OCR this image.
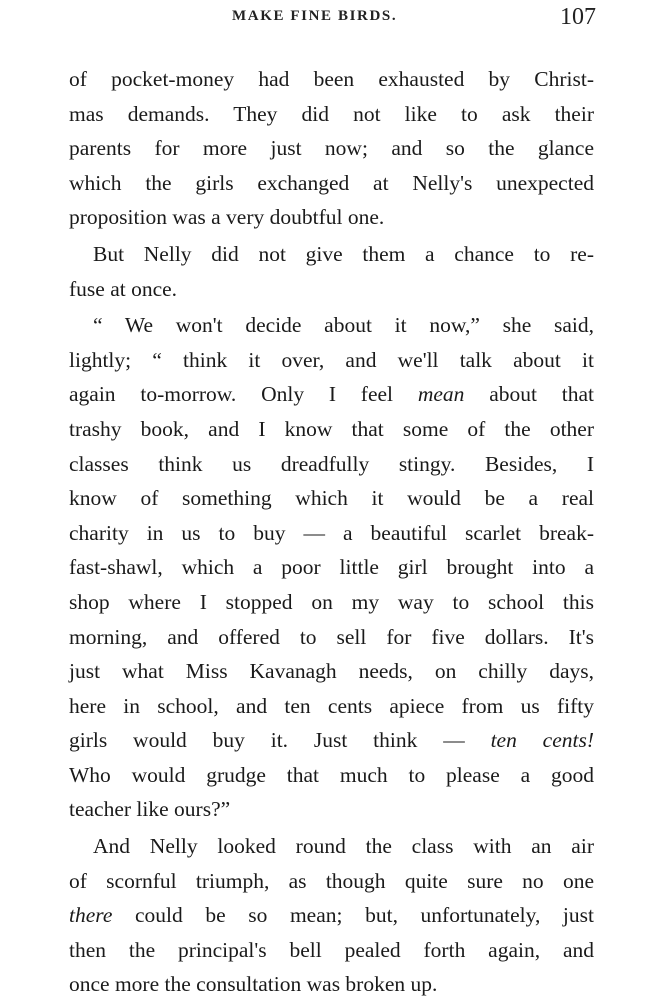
MAKE FINE BIRDS.	107
of pocket-money had been exhausted by Christ-
mas demands. They did not like to ask their
parents for more just now; and so the glance
which the girls exchanged at Nelly's unexpected
proposition was a very doubtful one.
But Nelly did not give them a chance to re-
fuse at once.
“ We won't decide about it now,” she said,
lightly; “ think it over, and we'll talk about it
again to-morrow. Only I feel mean about that
trashy book, and I know that some of the other
classes think us dreadfully stingy. Besides, I
know of something which it would be a real
charity in us to buy — a beautiful scarlet break-
fast-shawl, which a poor little girl brought into a
shop where I stopped on my way to school this
morning, and offered to sell for five dollars. It's
just what Miss Kavanagh needs, on chilly days,
here in school, and ten cents apiece from us fifty
girls would buy it. Just think — ten cents!
Who would grudge that much to please a good
teacher like ours?”
And Nelly looked round the class with an air
of scornful triumph, as though quite sure no one
there could be so mean; but, unfortunately, just
then the principal's bell pealed forth again, and
once more the consultation was broken up.
